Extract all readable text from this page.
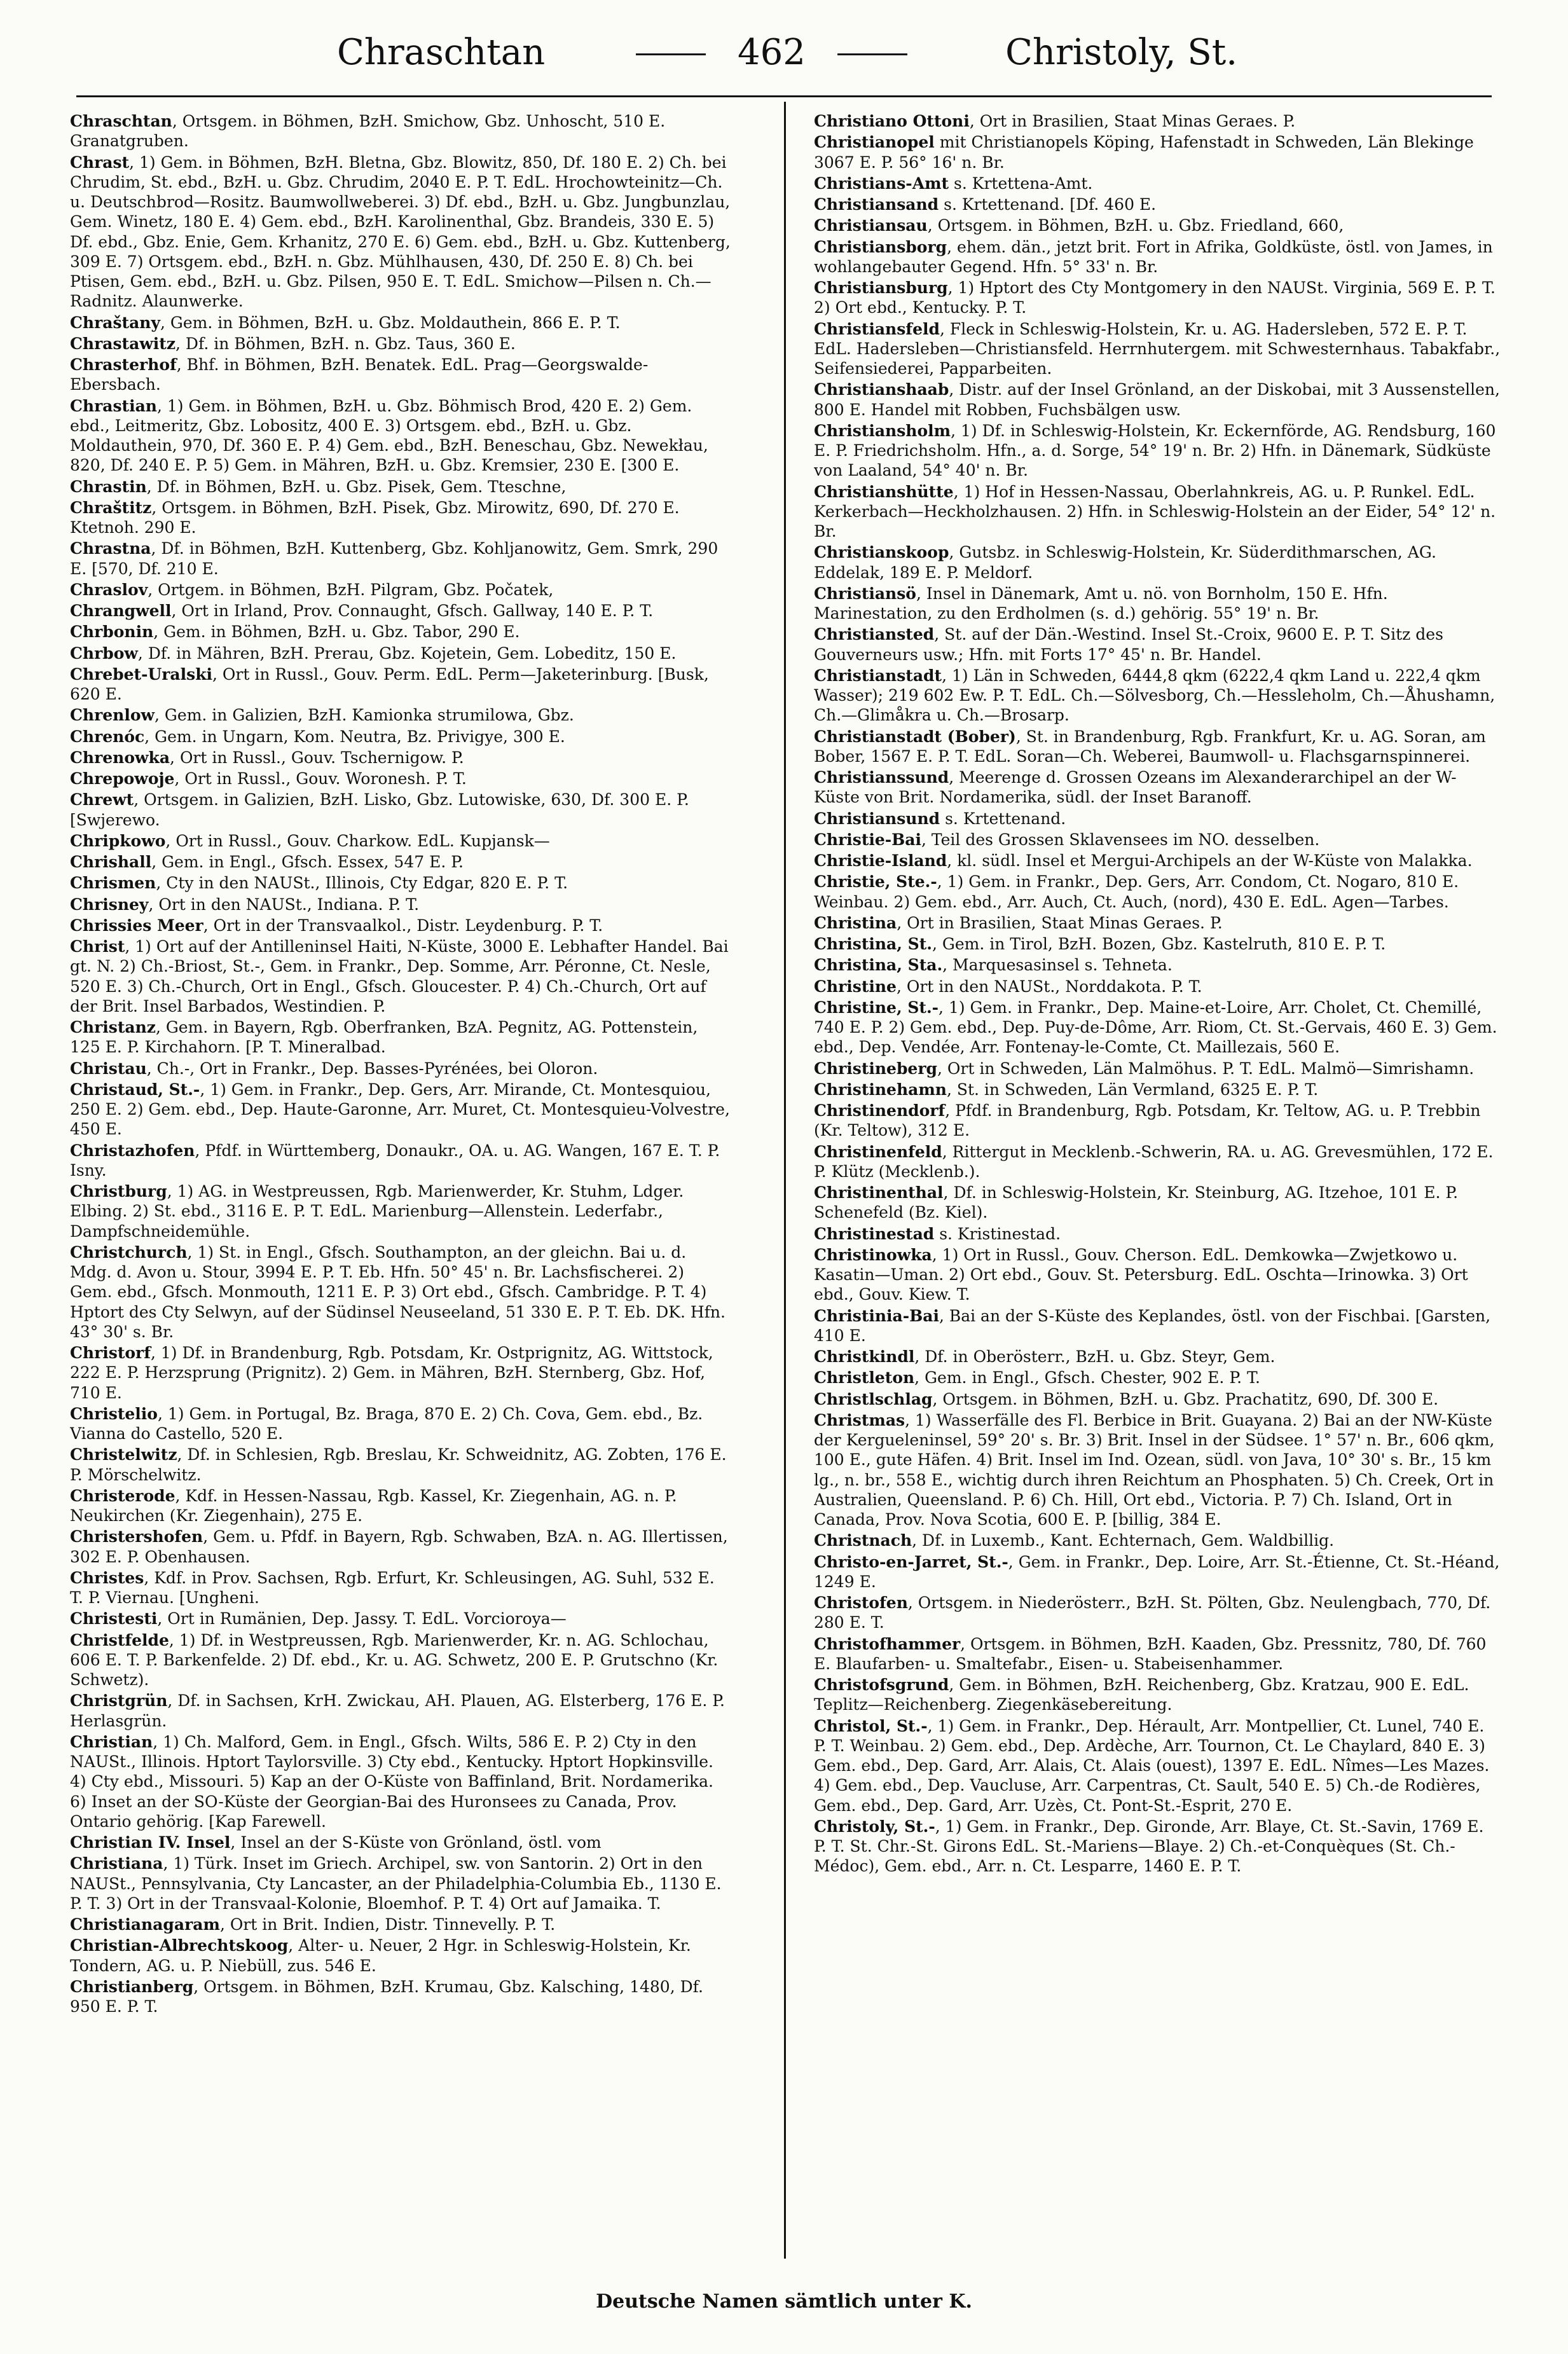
Chraschtan	462	Christoly, St.
Chraschtan, Ortsgem. in Böhmen, BzH. Smichow, Gbz. Unhoscht, 510 E. Granatgruben.
Chrast, 1) Gem. in Böhmen, BzH. Bletna, Gbz. Blowitz, 850, Df. 180 E. 2) Ch. bei Chrudim, St. ebd., BzH. u. Gbz. Chrudim, 2040 E. P. T. EdL. Hrochowteinitz—Ch. u. Deutschbrod—Rositz. Baumwollweberei. 3) Df. ebd., BzH. u. Gbz. Jungbunzlau, Gem. Winetz, 180 E. 4) Gem. ebd., BzH. Karolinenthal, Gbz. Brandeis, 330 E. 5) Df. ebd., Gbz. Enie, Gem. Krhanitz, 270 E. 6) Gem. ebd., BzH. u. Gbz. Kuttenberg, 309 E. 7) Ortsgem. ebd., BzH. n. Gbz. Mühlhausen, 430, Df. 250 E. 8) Ch. bei Ptisen, Gem. ebd., BzH. u. Gbz. Pilsen, 950 E. T. EdL. Smichow—Pilsen n. Ch.—Radnitz. Alaunwerke.
Chraštany, Gem. in Böhmen, BzH. u. Gbz. Moldauthein, 866 E. P. T.
Chrastawitz, Df. in Böhmen, BzH. n. Gbz. Taus, 360 E.
Chrasterhof, Bhf. in Böhmen, BzH. Benatek. EdL. Prag—Georgswalde-Ebersbach.
Chrastian, 1) Gem. in Böhmen, BzH. u. Gbz. Böhmisch Brod, 420 E. 2) Gem. ebd., Leitmeritz, Gbz. Lobositz, 400 E. 3) Ortsgem. ebd., BzH. u. Gbz. Moldauthein, 970, Df. 360 E. P. 4) Gem. ebd., BzH. Beneschau, Gbz. Newekłau, 820, Df. 240 E. P. 5) Gem. in Mähren, BzH. u. Gbz. Kremsier, 230 E. [300 E.
Chrastin, Df. in Böhmen, BzH. u. Gbz. Pisek, Gem. Tteschne,
Chraštitz, Ortsgem. in Böhmen, BzH. Pisek, Gbz. Mirowitz, 690, Df. 270 E. Ktetnoh. 290 E.
Chrastna, Df. in Böhmen, BzH. Kuttenberg, Gbz. Kohljanowitz, Gem. Smrk, 290 E. [570, Df. 210 E.
Chraslov, Ortgem. in Böhmen, BzH. Pilgram, Gbz. Počatek,
Chrangwell, Ort in Irland, Prov. Connaught, Gfsch. Gallway, 140 E. P. T.
Chrbonin, Gem. in Böhmen, BzH. u. Gbz. Tabor, 290 E.
Chrbow, Df. in Mähren, BzH. Prerau, Gbz. Kojetein, Gem. Lobeditz, 150 E.
Chrebet-Uralski, Ort in Russl., Gouv. Perm. EdL. Perm—Jaketerinburg. [Busk, 620 E.
Chrenlow, Gem. in Galizien, BzH. Kamionka strumilowa, Gbz.
Chrenóc, Gem. in Ungarn, Kom. Neutra, Bz. Privigye, 300 E.
Chrenowka, Ort in Russl., Gouv. Tschernigow. P.
Chrepowoje, Ort in Russl., Gouv. Woronesh. P. T.
Chrewt, Ortsgem. in Galizien, BzH. Lisko, Gbz. Lutowiske, 630, Df. 300 E. P. [Swjerewo.
Chripkowo, Ort in Russl., Gouv. Charkow. EdL. Kupjansk—
Chrishall, Gem. in Engl., Gfsch. Essex, 547 E. P.
Chrismen, Cty in den NAUSt., Illinois, Cty Edgar, 820 E. P. T.
Chrisney, Ort in den NAUSt., Indiana. P. T.
Chrissies Meer, Ort in der Transvaalkol., Distr. Leydenburg. P. T.
Christ, 1) Ort auf der Antilleninsel Haiti, N-Küste, 3000 E. Lebhafter Handel. Bai gt. N. 2) Ch.-Briost, St.-, Gem. in Frankr., Dep. Somme, Arr. Péronne, Ct. Nesle, 520 E. 3) Ch.-Church, Ort in Engl., Gfsch. Gloucester. P. 4) Ch.-Church, Ort auf der Brit. Insel Barbados, Westindien. P.
Christanz, Gem. in Bayern, Rgb. Oberfranken, BzA. Pegnitz, AG. Pottenstein, 125 E. P. Kirchahorn. [P. T. Mineralbad.
Christau, Ch.-, Ort in Frankr., Dep. Basses-Pyrénées, bei Oloron.
Christaud, St.-, 1) Gem. in Frankr., Dep. Gers, Arr. Mirande, Ct. Montesquiou, 250 E. 2) Gem. ebd., Dep. Haute-Garonne, Arr. Muret, Ct. Montesquieu-Volvestre, 450 E.
Christazhofen, Pfdf. in Württemberg, Donaukr., OA. u. AG. Wangen, 167 E. T. P. Isny.
Christburg, 1) AG. in Westpreussen, Rgb. Marienwerder, Kr. Stuhm, Ldger. Elbing. 2) St. ebd., 3116 E. P. T. EdL. Marienburg—Allenstein. Lederfabr., Dampfschneidemühle.
Christchurch, 1) St. in Engl., Gfsch. Southampton, an der gleichn. Bai u. d. Mdg. d. Avon u. Stour, 3994 E. P. T. Eb. Hfn. 50° 45' n. Br. Lachsfischerei. 2) Gem. ebd., Gfsch. Monmouth, 1211 E. P. 3) Ort ebd., Gfsch. Cambridge. P. T. 4) Hptort des Cty Selwyn, auf der Südinsel Neuseeland, 51 330 E. P. T. Eb. DK. Hfn. 43° 30' s. Br.
Christorf, 1) Df. in Brandenburg, Rgb. Potsdam, Kr. Ostprignitz, AG. Wittstock, 222 E. P. Herzsprung (Prignitz). 2) Gem. in Mähren, BzH. Sternberg, Gbz. Hof, 710 E.
Christelio, 1) Gem. in Portugal, Bz. Braga, 870 E. 2) Ch. Cova, Gem. ebd., Bz. Vianna do Castello, 520 E.
Christelwitz, Df. in Schlesien, Rgb. Breslau, Kr. Schweidnitz, AG. Zobten, 176 E. P. Mörschelwitz.
Christerode, Kdf. in Hessen-Nassau, Rgb. Kassel, Kr. Ziegenhain, AG. n. P. Neukirchen (Kr. Ziegenhain), 275 E.
Christershofen, Gem. u. Pfdf. in Bayern, Rgb. Schwaben, BzA. n. AG. Illertissen, 302 E. P. Obenhausen.
Christes, Kdf. in Prov. Sachsen, Rgb. Erfurt, Kr. Schleusingen, AG. Suhl, 532 E. T. P. Viernau. [Ungheni.
Christesti, Ort in Rumänien, Dep. Jassy. T. EdL. Vorcioroya—
Christfelde, 1) Df. in Westpreussen, Rgb. Marienwerder, Kr. n. AG. Schlochau, 606 E. T. P. Barkenfelde. 2) Df. ebd., Kr. u. AG. Schwetz, 200 E. P. Grutschno (Kr. Schwetz).
Christgrün, Df. in Sachsen, KrH. Zwickau, AH. Plauen, AG. Elsterberg, 176 E. P. Herlasgrün.
Christian, 1) Ch. Malford, Gem. in Engl., Gfsch. Wilts, 586 E. P. 2) Cty in den NAUSt., Illinois. Hptort Taylorsville. 3) Cty ebd., Kentucky. Hptort Hopkinsville. 4) Cty ebd., Missouri. 5) Kap an der O-Küste von Baffinland, Brit. Nordamerika. 6) Inset an der SO-Küste der Georgian-Bai des Huronsees zu Canada, Prov. Ontario gehörig. [Kap Farewell.
Christian IV. Insel, Insel an der S-Küste von Grönland, östl. vom
Christiana, 1) Türk. Inset im Griech. Archipel, sw. von Santorin. 2) Ort in den NAUSt., Pennsylvania, Cty Lancaster, an der Philadelphia-Columbia Eb., 1130 E. P. T. 3) Ort in der Transvaal-Kolonie, Bloemhof. P. T. 4) Ort auf Jamaika. T.
Christianagaram, Ort in Brit. Indien, Distr. Tinnevelly. P. T.
Christian-Albrechtskoog, Alter- u. Neuer, 2 Hgr. in Schleswig-Holstein, Kr. Tondern, AG. u. P. Niebüll, zus. 546 E.
Christianberg, Ortsgem. in Böhmen, BzH. Krumau, Gbz. Kalsching, 1480, Df. 950 E. P. T.
Christiano Ottoni, Ort in Brasilien, Staat Minas Geraes. P.
Christianopel mit Christianopels Köping, Hafenstadt in Schweden, Län Blekinge 3067 E. P. 56° 16' n. Br.
Christians-Amt s. Krtettena-Amt.
Christiansand s. Krtettenand. [Df. 460 E.
Christiansau, Ortsgem. in Böhmen, BzH. u. Gbz. Friedland, 660,
Christiansborg, ehem. dän., jetzt brit. Fort in Afrika, Goldküste, östl. von James, in wohlangebauter Gegend. Hfn. 5° 33' n. Br.
Christiansburg, 1) Hptort des Cty Montgomery in den NAUSt. Virginia, 569 E. P. T. 2) Ort ebd., Kentucky. P. T.
Christiansfeld, Fleck in Schleswig-Holstein, Kr. u. AG. Hadersleben, 572 E. P. T. EdL. Hadersleben—Christiansfeld. Herrnhutergem. mit Schwesternhaus. Tabakfabr., Seifensiederei, Papparbeiten.
Christianshaab, Distr. auf der Insel Grönland, an der Diskobai, mit 3 Aussenstellen, 800 E. Handel mit Robben, Fuchsbälgen usw.
Christiansholm, 1) Df. in Schleswig-Holstein, Kr. Eckernförde, AG. Rendsburg, 160 E. P. Friedrichsholm. Hfn., a. d. Sorge, 54° 19' n. Br. 2) Hfn. in Dänemark, Südküste von Laaland, 54° 40' n. Br.
Christianshütte, 1) Hof in Hessen-Nassau, Oberlahnkreis, AG. u. P. Runkel. EdL. Kerkerbach—Heckholzhausen. 2) Hfn. in Schleswig-Holstein an der Eider, 54° 12' n. Br.
Christianskoop, Gutsbz. in Schleswig-Holstein, Kr. Süderdithmarschen, AG. Eddelak, 189 E. P. Meldorf.
Christiansö, Insel in Dänemark, Amt u. nö. von Bornholm, 150 E. Hfn. Marinestation, zu den Erdholmen (s. d.) gehörig. 55° 19' n. Br.
Christiansted, St. auf der Dän.-Westind. Insel St.-Croix, 9600 E. P. T. Sitz des Gouverneurs usw.; Hfn. mit Forts 17° 45' n. Br. Handel.
Christianstadt, 1) Län in Schweden, 6444,8 qkm (6222,4 qkm Land u. 222,4 qkm Wasser); 219 602 Ew. P. T. EdL. Ch.—Sölvesborg, Ch.—Hessleholm, Ch.—Åhushamn, Ch.—Glimåkra u. Ch.—Brosarp.
Christianstadt (Bober), St. in Brandenburg, Rgb. Frankfurt, Kr. u. AG. Soran, am Bober, 1567 E. P. T. EdL. Soran—Ch. Weberei, Baumwoll- u. Flachsgarnspinnerei.
Christianssund, Meerenge d. Grossen Ozeans im Alexanderarchipel an der W-Küste von Brit. Nordamerika, südl. der Inset Baranoff.
Christiansund s. Krtettenand.
Christie-Bai, Teil des Grossen Sklavensees im NO. desselben.
Christie-Island, kl. südl. Insel et Mergui-Archipels an der W-Küste von Malakka.
Christie, Ste.-, 1) Gem. in Frankr., Dep. Gers, Arr. Condom, Ct. Nogaro, 810 E. Weinbau. 2) Gem. ebd., Arr. Auch, Ct. Auch, (nord), 430 E. EdL. Agen—Tarbes.
Christina, Ort in Brasilien, Staat Minas Geraes. P.
Christina, St., Gem. in Tirol, BzH. Bozen, Gbz. Kastelruth, 810 E. P. T.
Christina, Sta., Marquesasinsel s. Tehneta.
Christine, Ort in den NAUSt., Norddakota. P. T.
Christine, St.-, 1) Gem. in Frankr., Dep. Maine-et-Loire, Arr. Cholet, Ct. Chemillé, 740 E. P. 2) Gem. ebd., Dep. Puy-de-Dôme, Arr. Riom, Ct. St.-Gervais, 460 E. 3) Gem. ebd., Dep. Vendée, Arr. Fontenay-le-Comte, Ct. Maillezais, 560 E.
Christineberg, Ort in Schweden, Län Malmöhus. P. T. EdL. Malmö—Simrishamn.
Christinehamn, St. in Schweden, Län Vermland, 6325 E. P. T.
Christinendorf, Pfdf. in Brandenburg, Rgb. Potsdam, Kr. Teltow, AG. u. P. Trebbin (Kr. Teltow), 312 E.
Christinenfeld, Rittergut in Mecklenb.-Schwerin, RA. u. AG. Grevesmühlen, 172 E. P. Klütz (Mecklenb.).
Christinenthal, Df. in Schleswig-Holstein, Kr. Steinburg, AG. Itzehoe, 101 E. P. Schenefeld (Bz. Kiel).
Christinestad s. Kristinestad.
Christinowka, 1) Ort in Russl., Gouv. Cherson. EdL. Demkowka—Zwjetkowo u. Kasatin—Uman. 2) Ort ebd., Gouv. St. Petersburg. EdL. Oschta—Irinowka. 3) Ort ebd., Gouv. Kiew. T.
Christinia-Bai, Bai an der S-Küste des Keplandes, östl. von der Fischbai. [Garsten, 410 E.
Christkindl, Df. in Oberösterr., BzH. u. Gbz. Steyr, Gem.
Christleton, Gem. in Engl., Gfsch. Chester, 902 E. P. T.
Christlschlag, Ortsgem. in Böhmen, BzH. u. Gbz. Prachatitz, 690, Df. 300 E.
Christmas, 1) Wasserfälle des Fl. Berbice in Brit. Guayana. 2) Bai an der NW-Küste der Kergueleninsel, 59° 20' s. Br. 3) Brit. Insel in der Südsee. 1° 57' n. Br., 606 qkm, 100 E., gute Häfen. 4) Brit. Insel im Ind. Ozean, südl. von Java, 10° 30' s. Br., 15 km lg., n. br., 558 E., wichtig durch ihren Reichtum an Phosphaten. 5) Ch. Creek, Ort in Australien, Queensland. P. 6) Ch. Hill, Ort ebd., Victoria. P. 7) Ch. Island, Ort in Canada, Prov. Nova Scotia, 600 E. P. [billig, 384 E.
Christnach, Df. in Luxemb., Kant. Echternach, Gem. Waldbillig.
Christo-en-Jarret, St.-, Gem. in Frankr., Dep. Loire, Arr. St.-Étienne, Ct. St.-Héand, 1249 E.
Christofen, Ortsgem. in Niederösterr., BzH. St. Pölten, Gbz. Neulengbach, 770, Df. 280 E. T.
Christofhammer, Ortsgem. in Böhmen, BzH. Kaaden, Gbz. Pressnitz, 780, Df. 760 E. Blaufarben- u. Smaltefabr., Eisen- u. Stabeisenhammer.
Christofsgrund, Gem. in Böhmen, BzH. Reichenberg, Gbz. Kratzau, 900 E. EdL. Teplitz—Reichenberg. Ziegenkäsebereitung.
Christol, St.-, 1) Gem. in Frankr., Dep. Hérault, Arr. Montpellier, Ct. Lunel, 740 E. P. T. Weinbau. 2) Gem. ebd., Dep. Ardèche, Arr. Tournon, Ct. Le Chaylard, 840 E. 3) Gem. ebd., Dep. Gard, Arr. Alais, Ct. Alais (ouest), 1397 E. EdL. Nîmes—Les Mazes. 4) Gem. ebd., Dep. Vaucluse, Arr. Carpentras, Ct. Sault, 540 E. 5) Ch.-de Rodières, Gem. ebd., Dep. Gard, Arr. Uzès, Ct. Pont-St.-Esprit, 270 E.
Christoly, St.-, 1) Gem. in Frankr., Dep. Gironde, Arr. Blaye, Ct. St.-Savin, 1769 E. P. T. St. Chr.-St. Girons EdL. St.-Mariens—Blaye. 2) Ch.-et-Conquèques (St. Ch.-Médoc), Gem. ebd., Arr. n. Ct. Lesparre, 1460 E. P. T.
Deutsche Namen sämtlich unter K.
